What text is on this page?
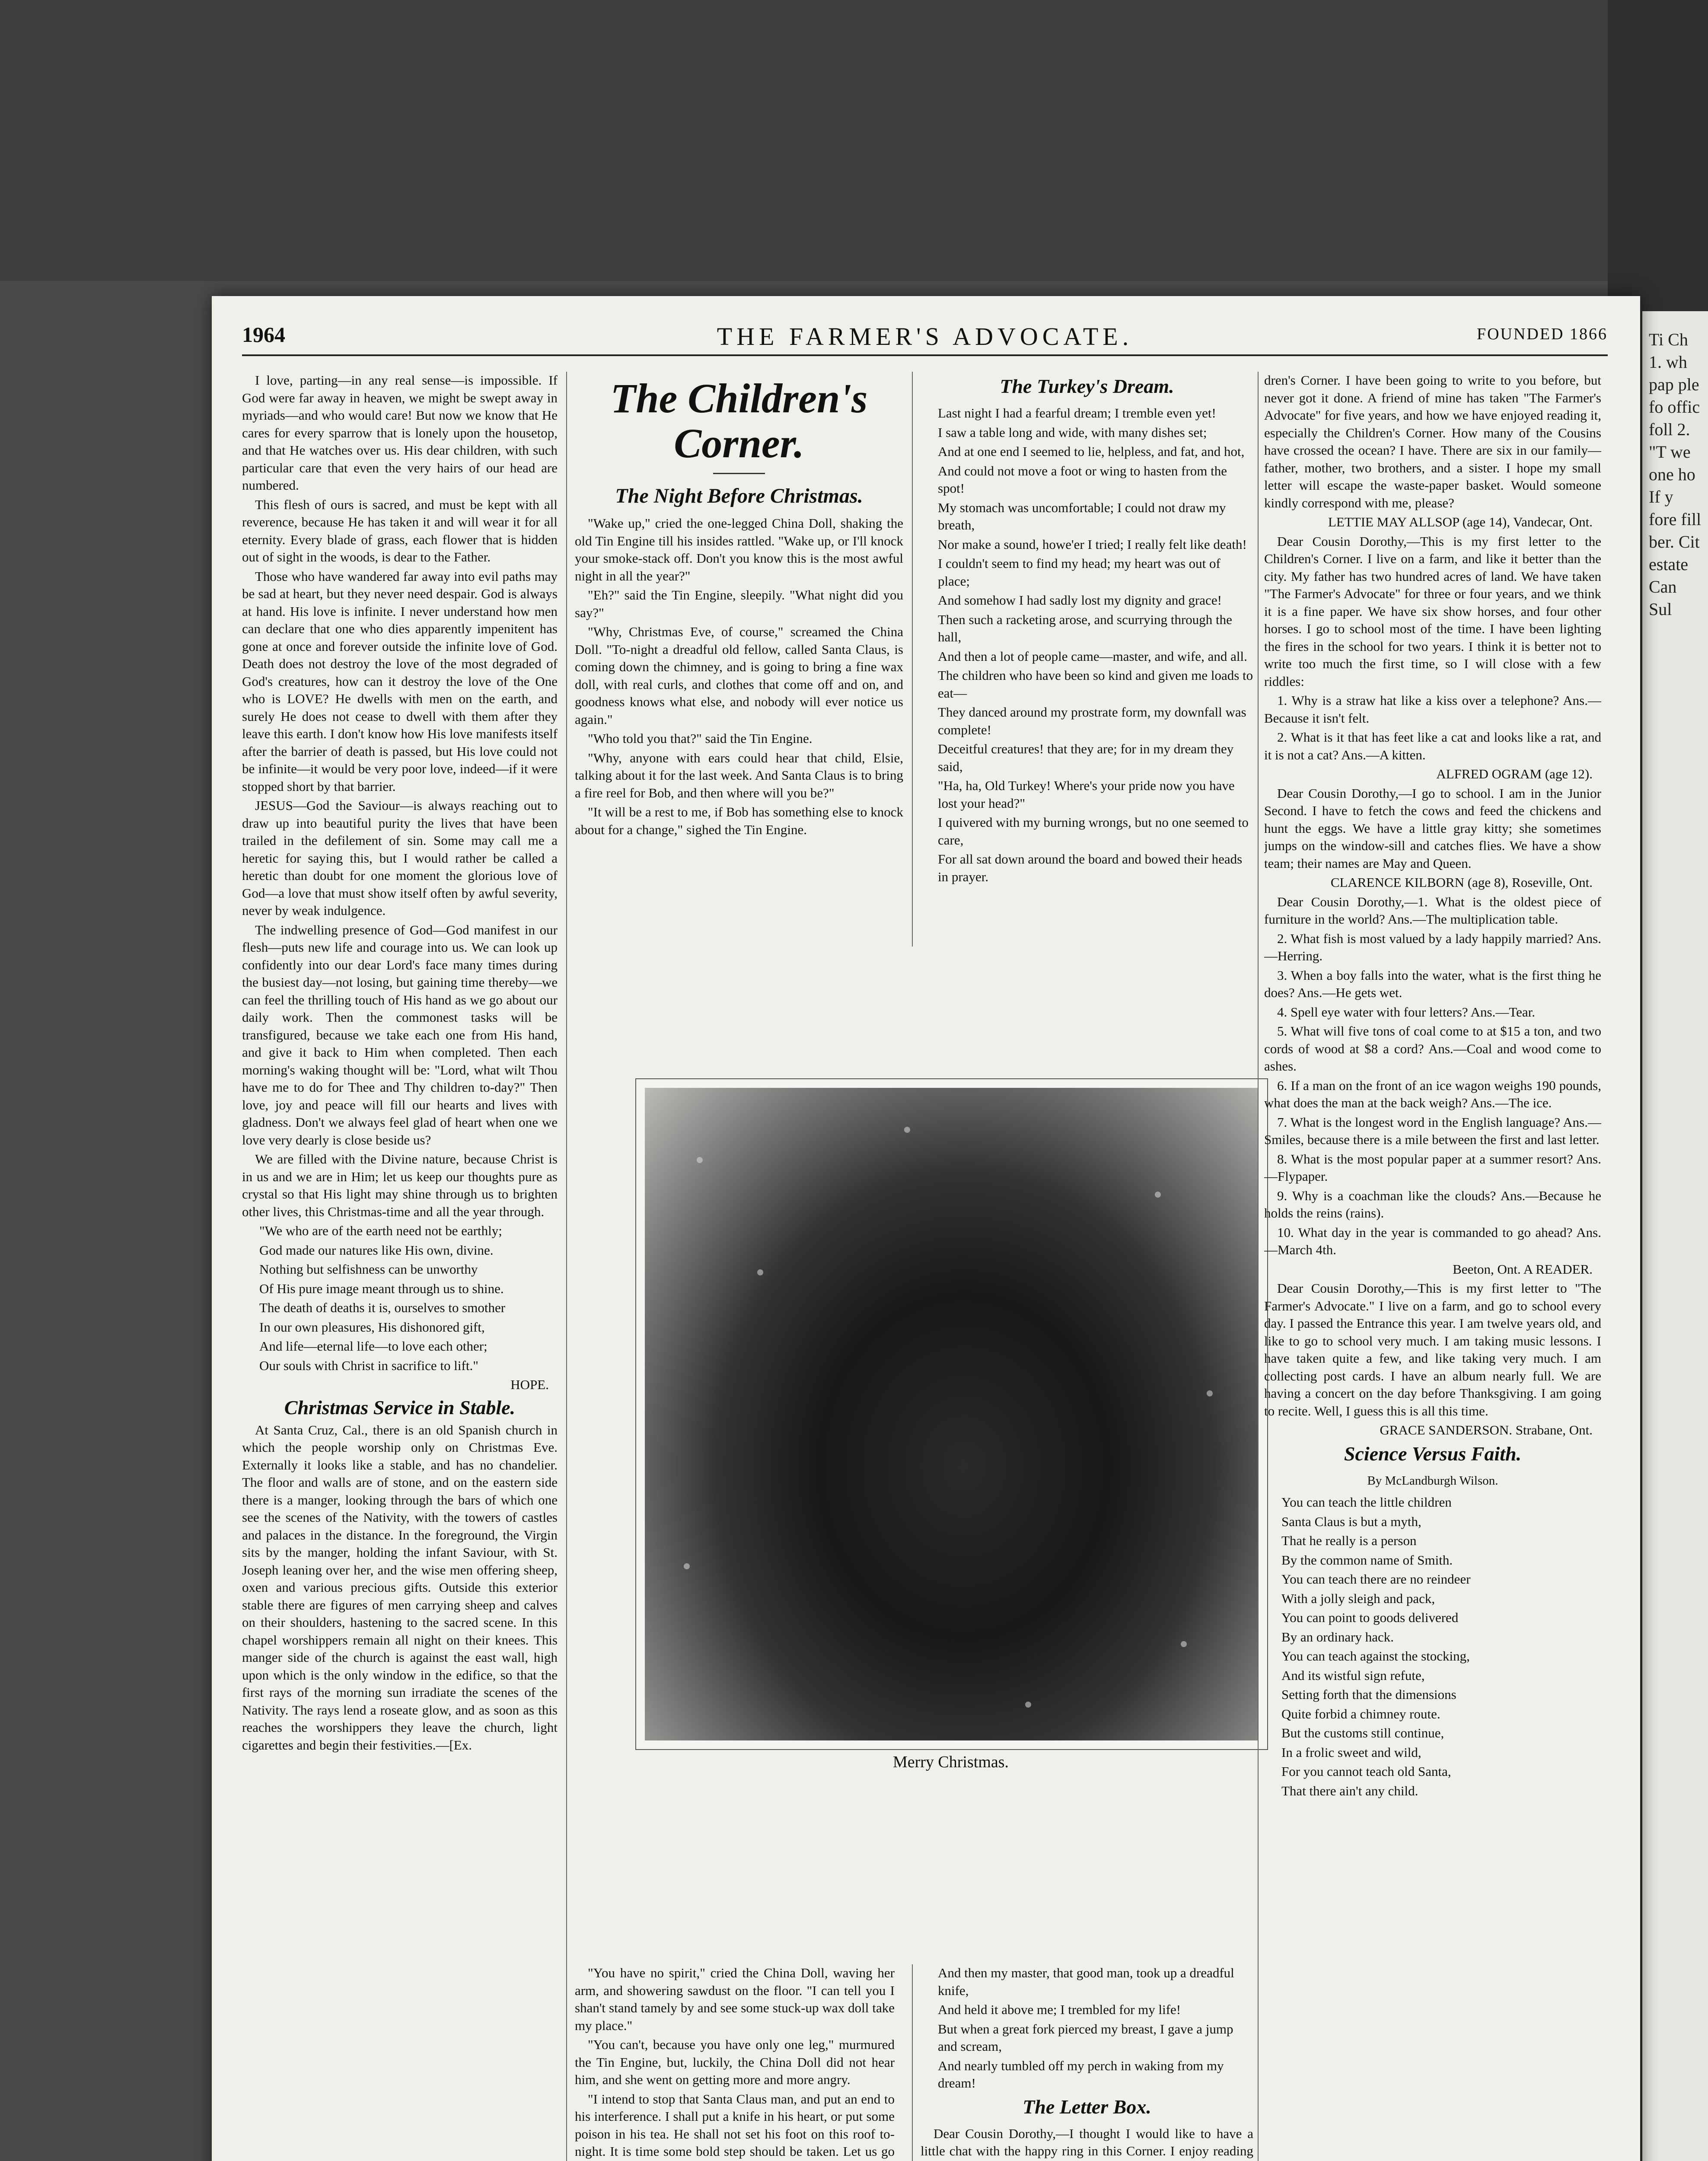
Ti Ch 1. wh pap ple fo offic foll 2. "T we one ho If y fore fill ber. Cit estate Can Sul
1964	THE FARMER'S ADVOCATE.	FOUNDED 1866

I love, parting—in any real sense—is impossible. If God were far away in heaven, we might be swept away in myriads—and who would care! But now we know that He cares for every sparrow that is lonely upon the housetop, and that He watches over us. His dear children, with such particular care that even the very hairs of our head are numbered.

This flesh of ours is sacred, and must be kept with all reverence, because He has taken it and will wear it for all eternity. Every blade of grass, each flower that is hidden out of sight in the woods, is dear to the Father.

Those who have wandered far away into evil paths may be sad at heart, but they never need despair. God is always at hand. His love is infinite. I never understand how men can declare that one who dies apparently impenitent has gone at once and forever outside the infinite love of God. Death does not destroy the love of the most degraded of God's creatures, how can it destroy the love of the One who is LOVE? He dwells with men on the earth, and surely He does not cease to dwell with them after they leave this earth. I don't know how His love manifests itself after the barrier of death is passed, but His love could not be infinite—it would be very poor love, indeed—if it were stopped short by that barrier.

JESUS—God the Saviour—is always reaching out to draw up into beautiful purity the lives that have been trailed in the defilement of sin. Some may call me a heretic for saying this, but I would rather be called a heretic than doubt for one moment the glorious love of God—a love that must show itself often by awful severity, never by weak indulgence.

The indwelling presence of God—God manifest in our flesh—puts new life and courage into us. We can look up confidently into our dear Lord's face many times during the busiest day—not losing, but gaining time thereby—we can feel the thrilling touch of His hand as we go about our daily work. Then the commonest tasks will be transfigured, because we take each one from His hand, and give it back to Him when completed. Then each morning's waking thought will be: "Lord, what wilt Thou have me to do for Thee and Thy children to-day?" Then love, joy and peace will fill our hearts and lives with gladness. Don't we always feel glad of heart when one we love very dearly is close beside us?

We are filled with the Divine nature, because Christ is in us and we are in Him; let us keep our thoughts pure as crystal so that His light may shine through us to brighten other lives, this Christmas-time and all the year through.

"We who are of the earth need not be earthly;

God made our natures like His own, divine.

Nothing but selfishness can be unworthy

Of His pure image meant through us to shine.

The death of deaths it is, ourselves to smother

In our own pleasures, His dishonored gift,

And life—eternal life—to love each other;

Our souls with Christ in sacrifice to lift."

HOPE.

Christmas Service in Stable.

At Santa Cruz, Cal., there is an old Spanish church in which the people worship only on Christmas Eve. Externally it looks like a stable, and has no chandelier. The floor and walls are of stone, and on the eastern side there is a manger, looking through the bars of which one see the scenes of the Nativity, with the towers of castles and palaces in the distance. In the foreground, the Virgin sits by the manger, holding the infant Saviour, with St. Joseph leaning over her, and the wise men offering sheep, oxen and various precious gifts. Outside this exterior stable there are figures of men carrying sheep and calves on their shoulders, hastening to the sacred scene. In this chapel worshippers remain all night on their knees. This manger side of the church is against the east wall, high upon which is the only window in the edifice, so that the first rays of the morning sun irradiate the scenes of the Nativity. The rays lend a roseate glow, and as soon as this reaches the worshippers they leave the church, light cigarettes and begin their festivities.—[Ex.

The Children's Corner.
The Night Before Christmas.

"Wake up," cried the one-legged China Doll, shaking the old Tin Engine till his insides rattled. "Wake up, or I'll knock your smoke-stack off. Don't you know this is the most awful night in all the year?"

"Eh?" said the Tin Engine, sleepily. "What night did you say?"

"Why, Christmas Eve, of course," screamed the China Doll. "To-night a dreadful old fellow, called Santa Claus, is coming down the chimney, and is going to bring a fine wax doll, with real curls, and clothes that come off and on, and goodness knows what else, and nobody will ever notice us again."

"Who told you that?" said the Tin Engine.

"Why, anyone with ears could hear that child, Elsie, talking about it for the last week. And Santa Claus is to bring a fire reel for Bob, and then where will you be?"

"It will be a rest to me, if Bob has something else to knock about for a change," sighed the Tin Engine.

The Turkey's Dream.

Last night I had a fearful dream; I tremble even yet!

I saw a table long and wide, with many dishes set;

And at one end I seemed to lie, helpless, and fat, and hot,

And could not move a foot or wing to hasten from the spot!

My stomach was uncomfortable; I could not draw my breath,

Nor make a sound, howe'er I tried; I really felt like death!

I couldn't seem to find my head; my heart was out of place;

And somehow I had sadly lost my dignity and grace!

Then such a racketing arose, and scurrying through the hall,

And then a lot of people came—master, and wife, and all.

The children who have been so kind and given me loads to eat—

They danced around my prostrate form, my downfall was complete!

Deceitful creatures! that they are; for in my dream they said,

"Ha, ha, Old Turkey! Where's your pride now you have lost your head?"

I quivered with my burning wrongs, but no one seemed to care,

For all sat down around the board and bowed their heads in prayer.

Merry Christmas.

"You have no spirit," cried the China Doll, waving her arm, and showering sawdust on the floor. "I can tell you I shan't stand tamely by and see some stuck-up wax doll take my place."

"You can't, because you have only one leg," murmured the Tin Engine, but, luckily, the China Doll did not hear him, and she went on getting more and more angry.

"I intend to stop that Santa Claus man, and put an end to his interference. I shall put a knife in his heart, or put some poison in his tea. He shall not set his foot on this roof to-night. It is time some bold step should be taken. Let us go

And then my master, that good man, took up a dreadful knife,

And held it above me; I trembled for my life!

But when a great fork pierced my breast, I gave a jump and scream,

And nearly tumbled off my perch in waking from my dream!

The Letter Box.

Dear Cousin Dorothy,—I thought I would like to have a little chat with the happy ring in this Corner. I enjoy reading

dren's Corner. I have been going to write to you before, but never got it done. A friend of mine has taken "The Farmer's Advocate" for five years, and how we have enjoyed reading it, especially the Children's Corner. How many of the Cousins have crossed the ocean? I have. There are six in our family—father, mother, two brothers, and a sister. I hope my small letter will escape the waste-paper basket. Would someone kindly correspond with me, please?

LETTIE MAY ALLSOP (age 14), Vandecar, Ont.

Dear Cousin Dorothy,—This is my first letter to the Children's Corner. I live on a farm, and like it better than the city. My father has two hundred acres of land. We have taken "The Farmer's Advocate" for three or four years, and we think it is a fine paper. We have six show horses, and four other horses. I go to school most of the time. I have been lighting the fires in the school for two years. I think it is better not to write too much the first time, so I will close with a few riddles:

1. Why is a straw hat like a kiss over a telephone? Ans.—Because it isn't felt.

2. What is it that has feet like a cat and looks like a rat, and it is not a cat? Ans.—A kitten.

ALFRED OGRAM (age 12).

Dear Cousin Dorothy,—I go to school. I am in the Junior Second. I have to fetch the cows and feed the chickens and hunt the eggs. We have a little gray kitty; she sometimes jumps on the window-sill and catches flies. We have a show team; their names are May and Queen.

CLARENCE KILBORN (age 8), Roseville, Ont.

Dear Cousin Dorothy,—1. What is the oldest piece of furniture in the world? Ans.—The multiplication table.

2. What fish is most valued by a lady happily married? Ans.—Herring.

3. When a boy falls into the water, what is the first thing he does? Ans.—He gets wet.

4. Spell eye water with four letters? Ans.—Tear.

5. What will five tons of coal come to at $15 a ton, and two cords of wood at $8 a cord? Ans.—Coal and wood come to ashes.

6. If a man on the front of an ice wagon weighs 190 pounds, what does the man at the back weigh? Ans.—The ice.

7. What is the longest word in the English language? Ans.—Smiles, because there is a mile between the first and last letter.

8. What is the most popular paper at a summer resort? Ans.—Flypaper.

9. Why is a coachman like the clouds? Ans.—Because he holds the reins (rains).

10. What day in the year is commanded to go ahead? Ans.—March 4th.

Beeton, Ont. A READER.

Dear Cousin Dorothy,—This is my first letter to "The Farmer's Advocate." I live on a farm, and go to school every day. I passed the Entrance this year. I am twelve years old, and like to go to school very much. I am taking music lessons. I have taken quite a few, and like taking very much. I am collecting post cards. I have an album nearly full. We are having a concert on the day before Thanksgiving. I am going to recite. Well, I guess this is all this time.

GRACE SANDERSON. Strabane, Ont.

Science Versus Faith.
By McLandburgh Wilson.

You can teach the little children

Santa Claus is but a myth,

That he really is a person

By the common name of Smith.

You can teach there are no reindeer

With a jolly sleigh and pack,

You can point to goods delivered

By an ordinary hack.

You can teach against the stocking,

And its wistful sign refute,

Setting forth that the dimensions

Quite forbid a chimney route.

But the customs still continue,

In a frolic sweet and wild,

For you cannot teach old Santa,

That there ain't any child.
